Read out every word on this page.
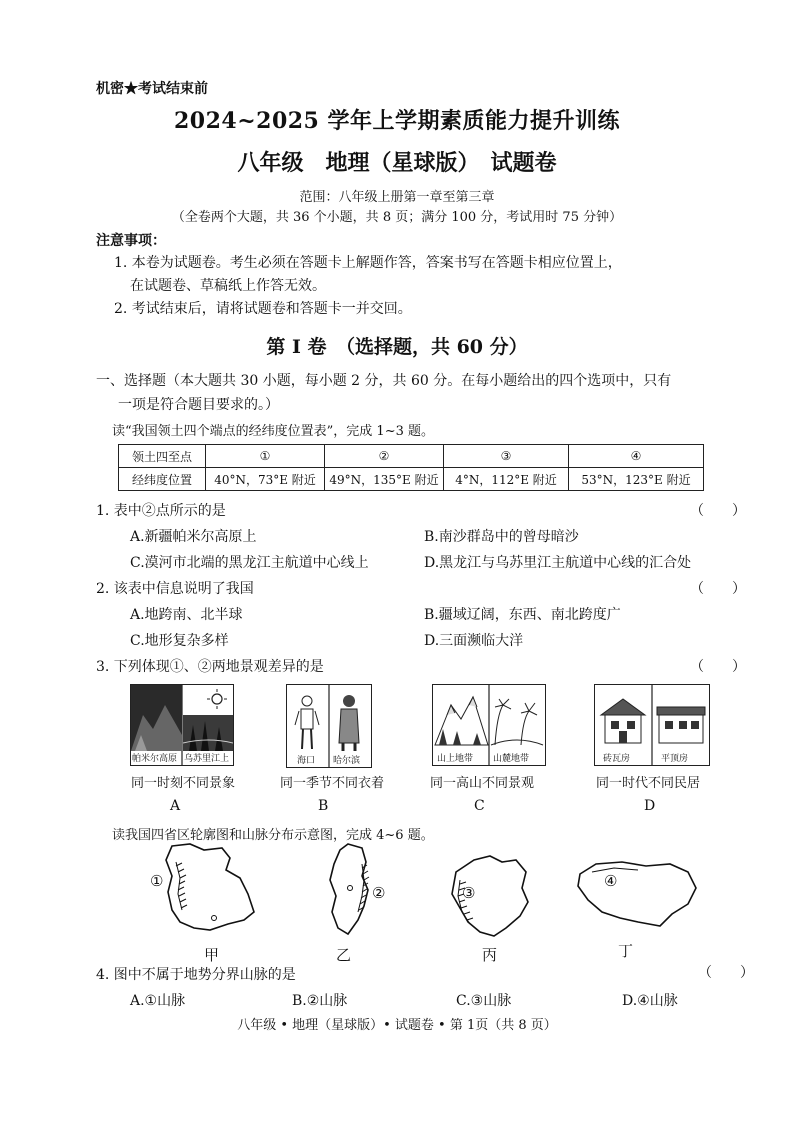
机密★考试结束前
2024~2025 学年上学期素质能力提升训练
八年级　地理（星球版）　试题卷
范围：八年级上册第一章至第三章
（全卷两个大题，共 36 个小题，共 8 页；满分 100 分，考试用时 75 分钟）
注意事项：
1. 本卷为试题卷。考生必须在答题卡上解题作答，答案书写在答题卡相应位置上，
在试题卷、草稿纸上作答无效。
2. 考试结束后，请将试题卷和答题卡一并交回。
第 I 卷　（选择题，共 60 分）
一、选择题（本大题共 30 小题，每小题 2 分，共 60 分。在每小题给出的四个选项中，只有
一项是符合题目要求的。）
读“我国领土四个端点的经纬度位置表”，完成 1~3 题。
领土四至点	①	②	③	④
经纬度位置	40°N，73°E 附近	49°N，135°E 附近	4°N，112°E 附近	53°N，123°E 附近
1. 表中②点所示的是	（　　）
A.新疆帕米尔高原上	B.南沙群岛中的曾母暗沙
C.漠河市北端的黑龙江主航道中心线上	D.黑龙江与乌苏里江主航道中心线的汇合处
2. 该表中信息说明了我国	（　　）
A.地跨南、北半球	B.疆域辽阔，东西、南北跨度广
C.地形复杂多样	D.三面濒临大洋
3. 下列体现①、②两地景观差异的是	（　　）
帕米尔高原 乌苏里江上
同一时刻不同景象
A
海口 哈尔滨
同一季节不同衣着
B
山上地带 山麓地带
同一高山不同景观
C
砖瓦房	平顶房
同一时代不同民居
D
读我国四省区轮廓图和山脉分布示意图，完成 4~6 题。
①
甲
②
乙
③
丙
④
丁
4. 图中不属于地势分界山脉的是	（　　）
A.①山脉	B.②山脉	C.③山脉	D.④山脉
八年级 • 地理（星球版）• 试题卷 • 第 1页（共 8 页）
